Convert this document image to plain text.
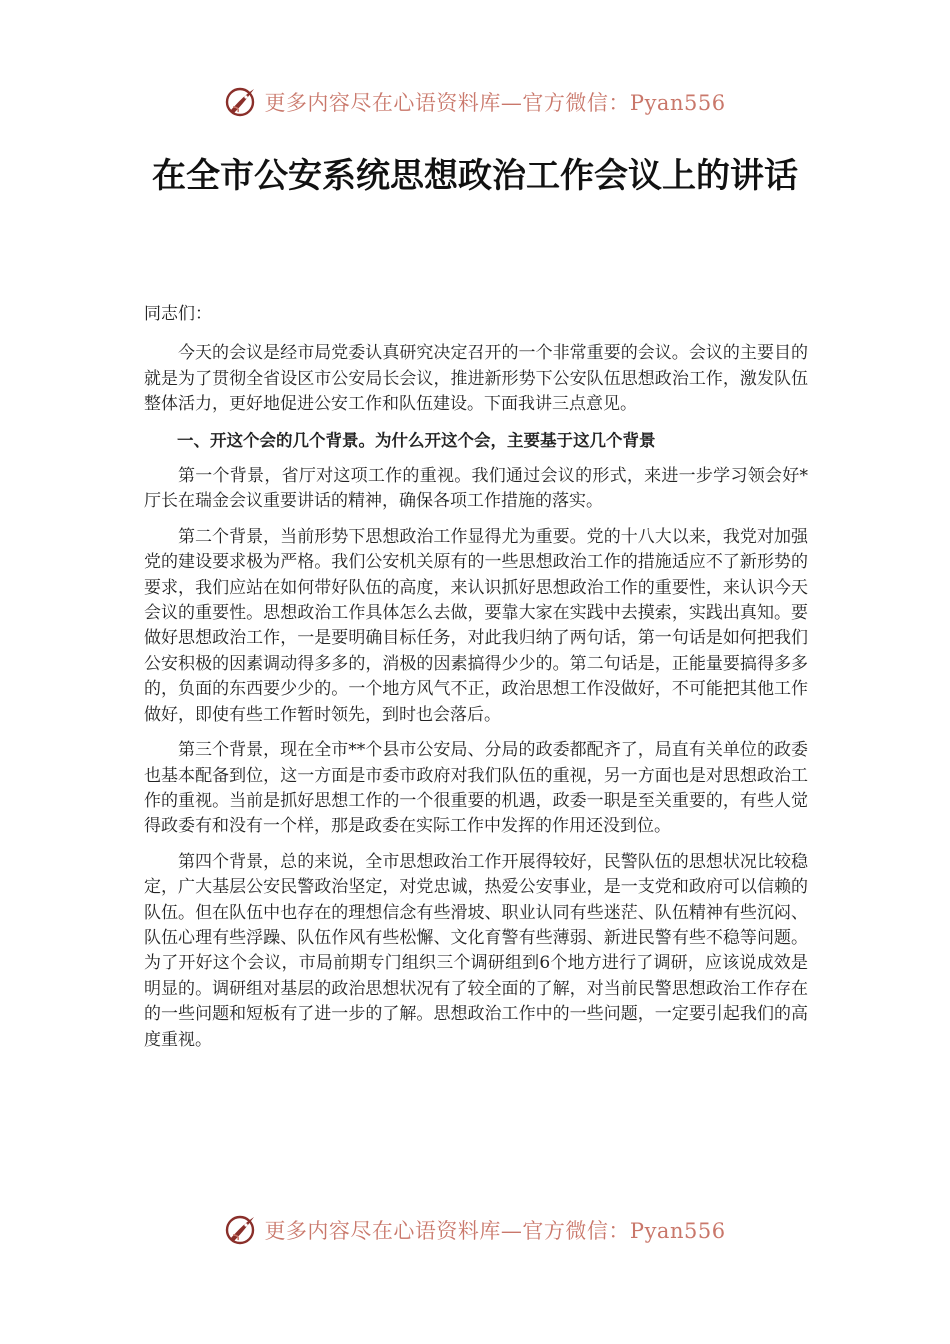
更多内容尽在心语资料库—官方微信：Pyan556
在全市公安系统思想政治工作会议上的讲话

同志们：

今天的会议是经市局党委认真研究决定召开的一个非常重要的会议。会议的主要目的就是为了贯彻全省设区市公安局长会议，推进新形势下公安队伍思想政治工作，激发队伍整体活力，更好地促进公安工作和队伍建设。下面我讲三点意见。

一、开这个会的几个背景。为什么开这个会，主要基于这几个背景

第一个背景，省厅对这项工作的重视。我们通过会议的形式，来进一步学习领会好*厅长在瑞金会议重要讲话的精神，确保各项工作措施的落实。

第二个背景，当前形势下思想政治工作显得尤为重要。党的十八大以来，我党对加强党的建设要求极为严格。我们公安机关原有的一些思想政治工作的措施适应不了新形势的要求，我们应站在如何带好队伍的高度，来认识抓好思想政治工作的重要性，来认识今天会议的重要性。思想政治工作具体怎么去做，要靠大家在实践中去摸索，实践出真知。要做好思想政治工作，一是要明确目标任务，对此我归纳了两句话，第一句话是如何把我们公安积极的因素调动得多多的，消极的因素搞得少少的。第二句话是，正能量要搞得多多的，负面的东西要少少的。一个地方风气不正，政治思想工作没做好，不可能把其他工作做好，即使有些工作暂时领先，到时也会落后。

第三个背景，现在全市**个县市公安局、分局的政委都配齐了，局直有关单位的政委也基本配备到位，这一方面是市委市政府对我们队伍的重视，另一方面也是对思想政治工作的重视。当前是抓好思想工作的一个很重要的机遇，政委一职是至关重要的，有些人觉得政委有和没有一个样，那是政委在实际工作中发挥的作用还没到位。

第四个背景，总的来说，全市思想政治工作开展得较好，民警队伍的思想状况比较稳定，广大基层公安民警政治坚定，对党忠诚，热爱公安事业，是一支党和政府可以信赖的队伍。但在队伍中也存在的理想信念有些滑坡、职业认同有些迷茫、队伍精神有些沉闷、队伍心理有些浮躁、队伍作风有些松懈、文化育警有些薄弱、新进民警有些不稳等问题。为了开好这个会议，市局前期专门组织三个调研组到6个地方进行了调研，应该说成效是明显的。调研组对基层的政治思想状况有了较全面的了解，对当前民警思想政治工作存在的一些问题和短板有了进一步的了解。思想政治工作中的一些问题，一定要引起我们的高度重视。

更多内容尽在心语资料库—官方微信：Pyan556
